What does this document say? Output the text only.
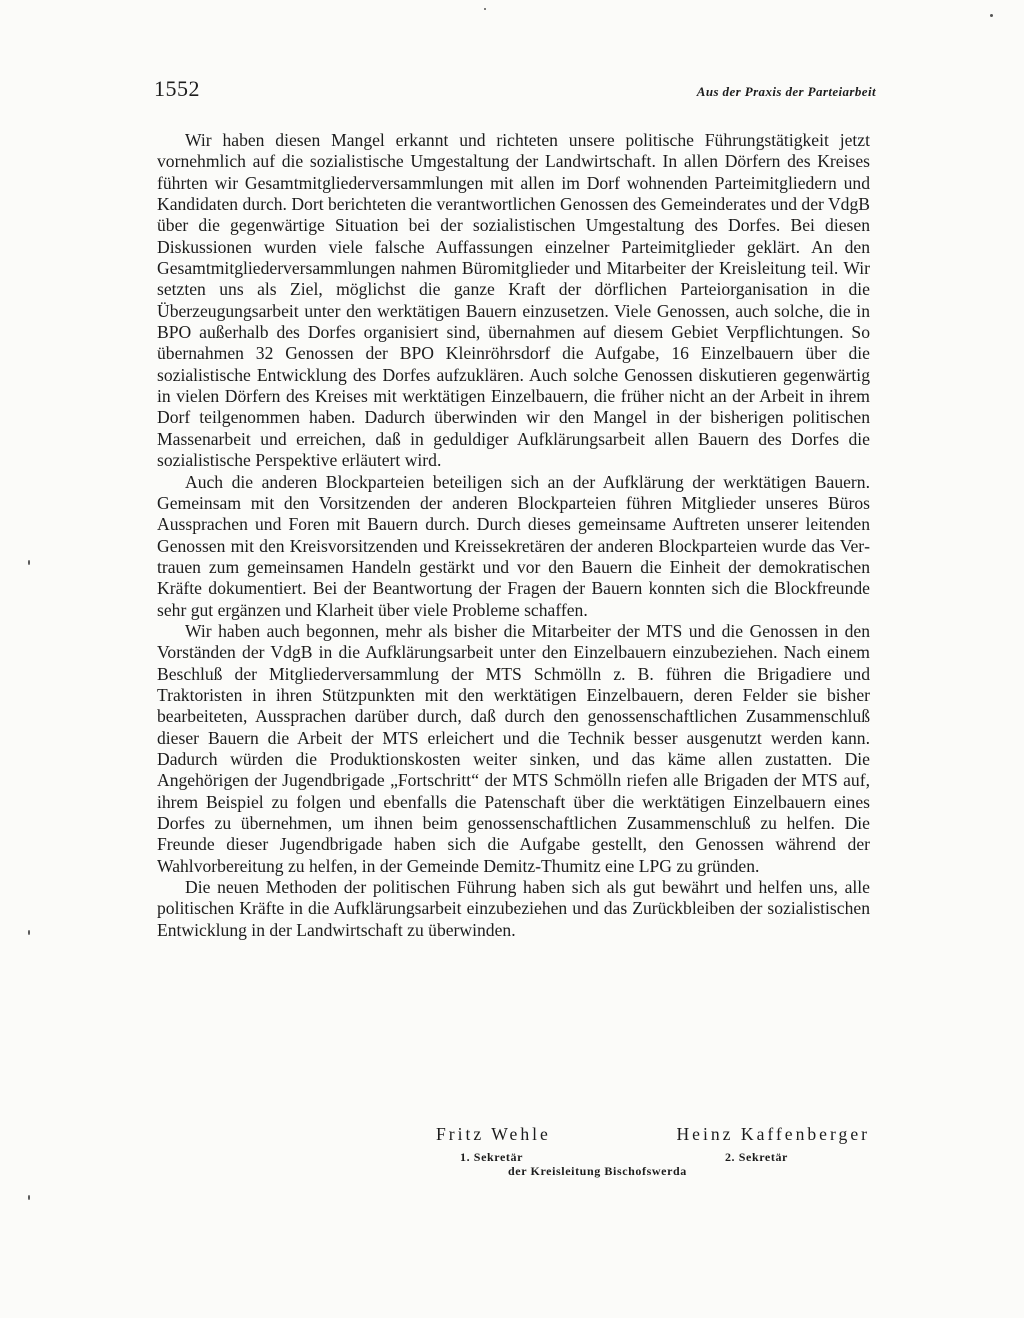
1552	Aus der Praxis der Parteiarbeit

Wir haben diesen Mangel erkannt und richteten unsere politische Führungstätigkeit jetzt vornehmlich auf die sozialistische Umgestaltung der Landwirtschaft. In allen Dörfern des Kreises führten wir Gesamtmitgliederversammlungen mit allen im Dorf wohnenden Parteimitgliedern und Kandidaten durch. Dort berichteten die verantwortlichen Genossen des Gemeinderates und der VdgB über die gegenwärtige Situation bei der sozialistischen Umgestaltung des Dorfes. Bei diesen Diskussionen wurden viele falsche Auffassungen einzelner Parteimitglieder geklärt. An den Gesamtmitgliederversammlungen nahmen Büromitglieder und Mitarbeiter der Kreisleitung teil. Wir setzten uns als Ziel, möglichst die ganze Kraft der dörflichen Parteiorganisation in die Überzeugungsarbeit unter den werktätigen Bauern einzusetzen. Viele Genossen, auch solche, die in BPO außerhalb des Dorfes organisiert sind, übernahmen auf diesem Gebiet Verpflichtungen. So übernahmen 32 Genossen der BPO Kleinröhrsdorf die Aufgabe, 16 Einzelbauern über die sozialistische Entwicklung des Dorfes aufzuklären. Auch solche Genossen diskutieren gegenwärtig in vielen Dörfern des Kreises mit werktätigen Einzelbauern, die früher nicht an der Arbeit in ihrem Dorf teilgenommen haben. Dadurch überwinden wir den Mangel in der bisherigen politischen Massenarbeit und erreichen, daß in geduldiger Aufklärungsarbeit allen Bauern des Dorfes die sozialistische Perspektive erläutert wird.

Auch die anderen Blockparteien beteiligen sich an der Aufklärung der werktätigen Bauern. Gemeinsam mit den Vorsitzenden der anderen Blockparteien führen Mitglieder unseres Büros Aussprachen und Foren mit Bauern durch. Durch dieses gemeinsame Auftreten unserer leitenden Genossen mit den Kreisvorsitzenden und Kreissekretären der anderen Blockparteien wurde das Vertrauen zum gemeinsamen Handeln gestärkt und vor den Bauern die Einheit der demokratischen Kräfte dokumentiert. Bei der Beantwortung der Fragen der Bauern konnten sich die Blockfreunde sehr gut ergänzen und Klarheit über viele Probleme schaffen.

Wir haben auch begonnen, mehr als bisher die Mitarbeiter der MTS und die Genossen in den Vorständen der VdgB in die Aufklärungsarbeit unter den Einzelbauern einzubeziehen. Nach einem Beschluß der Mitgliederversammlung der MTS Schmölln z. B. führen die Brigadiere und Traktoristen in ihren Stützpunkten mit den werktätigen Einzelbauern, deren Felder sie bisher bearbeiteten, Aussprachen darüber durch, daß durch den genossenschaftlichen Zusammenschluß dieser Bauern die Arbeit der MTS erleichert und die Technik besser ausgenutzt werden kann. Dadurch würden die Produktionskosten weiter sinken, und das käme allen zustatten. Die Angehörigen der Jugendbrigade „Fortschritt“ der MTS Schmölln riefen alle Brigaden der MTS auf, ihrem Beispiel zu folgen und ebenfalls die Patenschaft über die werktätigen Einzelbauern eines Dorfes zu übernehmen, um ihnen beim genossenschaftlichen Zusammenschluß zu helfen. Die Freunde dieser Jugendbrigade haben sich die Aufgabe gestellt, den Genossen während der Wahlvorbereitung zu helfen, in der Gemeinde Demitz-Thumitz eine LPG zu gründen.

Die neuen Methoden der politischen Führung haben sich als gut bewährt und helfen uns, alle politischen Kräfte in die Aufklärungsarbeit einzubeziehen und das Zurückbleiben der sozialistischen Entwicklung in der Landwirtschaft zu überwinden.

Fritz Wehle	Heinz Kaffenberger
1. Sekretär	2. Sekretär
der Kreisleitung Bischofswerda
